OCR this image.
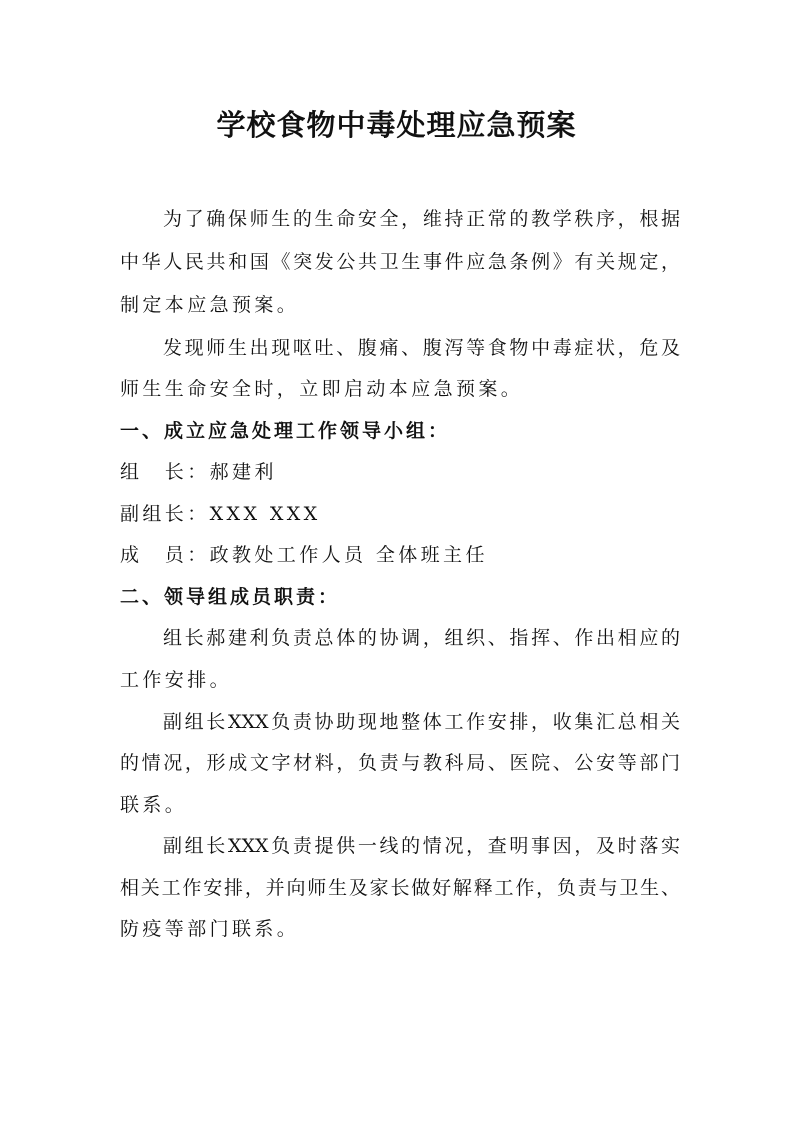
学校食物中毒处理应急预案

为了确保师生的生命安全，维持正常的教学秩序，根据

中华人民共和国《突发公共卫生事件应急条例》有关规定，

制定本应急预案。

发现师生出现呕吐、腹痛、腹泻等食物中毒症状，危及

师生生命安全时，立即启动本应急预案。

一、成立应急处理工作领导小组：

组　长：郝建利

副组长：XXX XXX

成　员：政教处工作人员 全体班主任

二、领导组成员职责：

组长郝建利负责总体的协调，组织、指挥、作出相应的

工作安排。

副组长XXX负责协助现地整体工作安排，收集汇总相关

的情况，形成文字材料，负责与教科局、医院、公安等部门

联系。

副组长XXX负责提供一线的情况，查明事因，及时落实

相关工作安排，并向师生及家长做好解释工作，负责与卫生、

防疫等部门联系。
